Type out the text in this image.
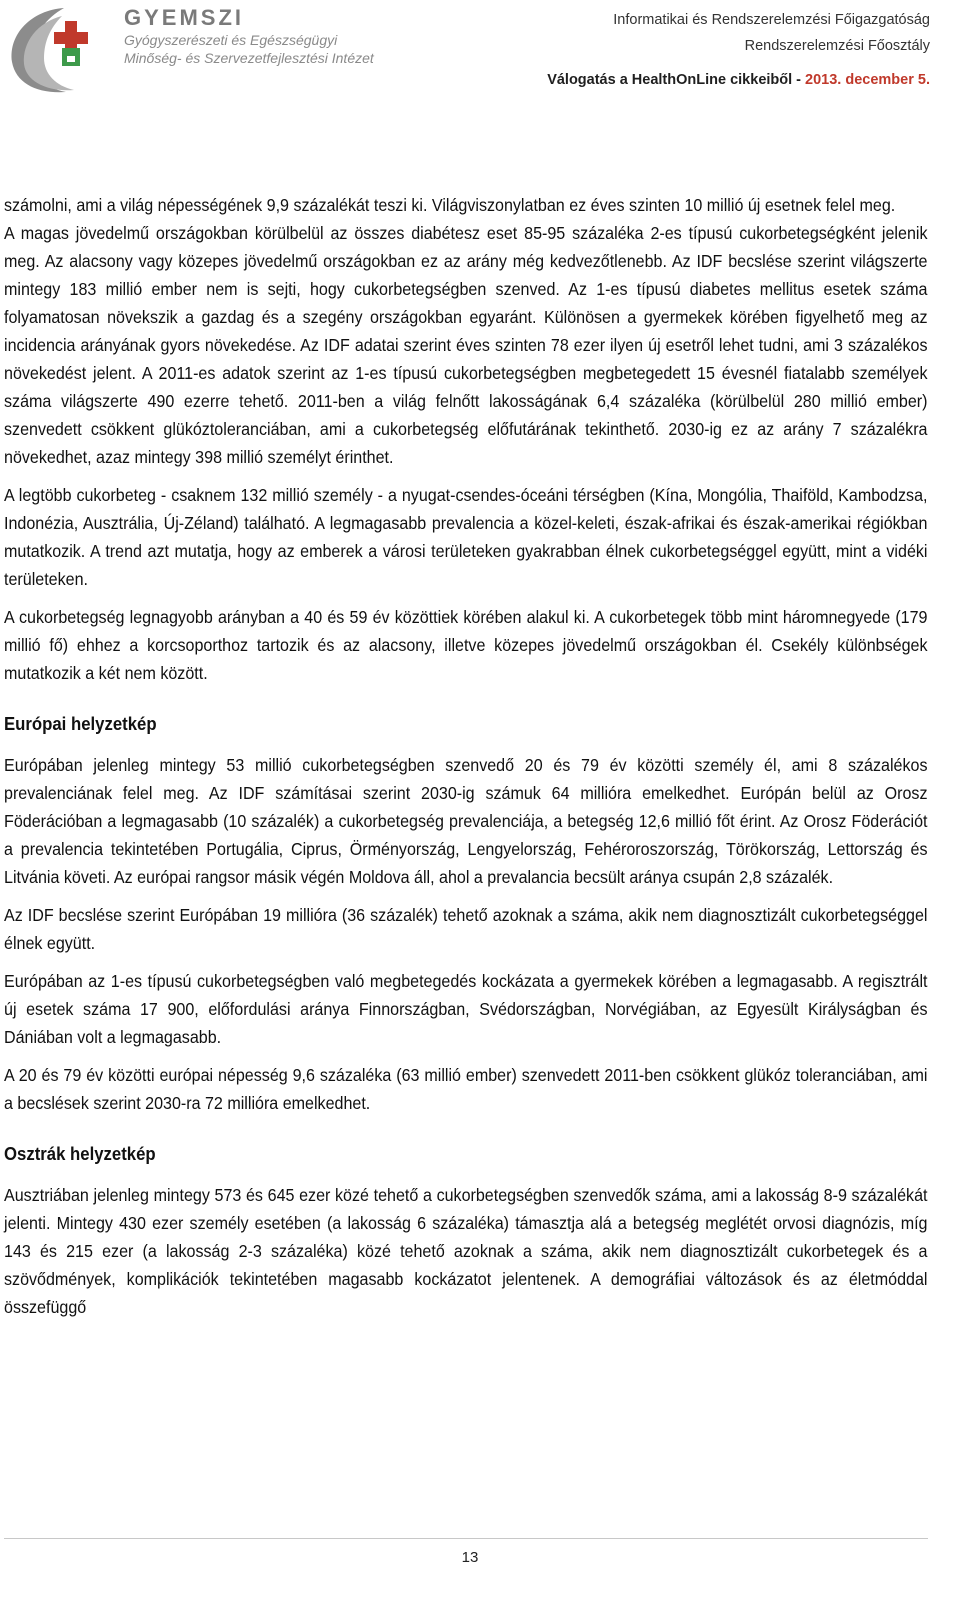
GYEMSZI
Gyógyszerészeti és Egészségügyi
Minőség- és Szervezetfejlesztési Intézet
Informatikai és Rendszerelemzési Főigazgatóság
Rendszerelemzési Főosztály
Válogatás a HealthOnLine cikkeiből - 2013. december 5.

számolni, ami a világ népességének 9,9 százalékát teszi ki. Világviszonylatban ez éves szinten 10 millió új esetnek felel meg.

A magas jövedelmű országokban körülbelül az összes diabétesz eset 85-95 százaléka 2-es típusú cukorbetegségként jelenik meg. Az alacsony vagy közepes jövedelmű országokban ez az arány még kedvezőtlenebb. Az IDF becslése szerint világszerte mintegy 183 millió ember nem is sejti, hogy cukorbetegségben szenved. Az 1-es típusú diabetes mellitus esetek száma folyamatosan növekszik a gazdag és a szegény országokban egyaránt. Különösen a gyermekek körében figyelhető meg az incidencia arányának gyors növekedése. Az IDF adatai szerint éves szinten 78 ezer ilyen új esetről lehet tudni, ami 3 százalékos növekedést jelent. A 2011-es adatok szerint az 1-es típusú cukorbetegségben megbetegedett 15 évesnél fiatalabb személyek száma világszerte 490 ezerre tehető. 2011-ben a világ felnőtt lakosságának 6,4 százaléka (körülbelül 280 millió ember) szenvedett csökkent glükóztoleranciában, ami a cukorbetegség előfutárának tekinthető. 2030-ig ez az arány 7 százalékra növekedhet, azaz mintegy 398 millió személyt érinthet.

A legtöbb cukorbeteg - csaknem 132 millió személy - a nyugat-csendes-óceáni térségben (Kína, Mongólia, Thaiföld, Kambodzsa, Indonézia, Ausztrália, Új-Zéland) található. A legmagasabb prevalencia a közel-keleti, észak-afrikai és észak-amerikai régiókban mutatkozik. A trend azt mutatja, hogy az emberek a városi területeken gyakrabban élnek cukorbetegséggel együtt, mint a vidéki területeken.

A cukorbetegség legnagyobb arányban a 40 és 59 év közöttiek körében alakul ki. A cukorbetegek több mint háromnegyede (179 millió fő) ehhez a korcsoporthoz tartozik és az alacsony, illetve közepes jövedelmű országokban él. Csekély különbségek mutatkozik a két nem között.

Európai helyzetkép

Európában jelenleg mintegy 53 millió cukorbetegségben szenvedő 20 és 79 év közötti személy él, ami 8 százalékos prevalenciának felel meg. Az IDF számításai szerint 2030-ig számuk 64 millióra emelkedhet. Európán belül az Orosz Föderációban a legmagasabb (10 százalék) a cukorbetegség prevalenciája, a betegség 12,6 millió főt érint. Az Orosz Föderációt a prevalencia tekintetében Portugália, Ciprus, Örményország, Lengyelország, Fehéroroszország, Törökország, Lettország és Litvánia követi. Az európai rangsor másik végén Moldova áll, ahol a prevalancia becsült aránya csupán 2,8 százalék.

Az IDF becslése szerint Európában 19 millióra (36 százalék) tehető azoknak a száma, akik nem diagnosztizált cukorbetegséggel élnek együtt.

Európában az 1-es típusú cukorbetegségben való megbetegedés kockázata a gyermekek körében a legmagasabb. A regisztrált új esetek száma 17 900, előfordulási aránya Finnországban, Svédországban, Norvégiában, az Egyesült Királyságban és Dániában volt a legmagasabb.

A 20 és 79 év közötti európai népesség 9,6 százaléka (63 millió ember) szenvedett 2011-ben csökkent glükóz toleranciában, ami a becslések szerint 2030-ra 72 millióra emelkedhet.

Osztrák helyzetkép

Ausztriában jelenleg mintegy 573 és 645 ezer közé tehető a cukorbetegségben szenvedők száma, ami a lakosság 8-9 százalékát jelenti. Mintegy 430 ezer személy esetében (a lakosság 6 százaléka) támasztja alá a betegség meglétét orvosi diagnózis, míg 143 és 215 ezer (a lakosság 2-3 százaléka) közé tehető azoknak a száma, akik nem diagnosztizált cukorbetegek és a szövődmények, komplikációk tekintetében magasabb kockázatot jelentenek. A demográfiai változások és az életmóddal összefüggő

13
